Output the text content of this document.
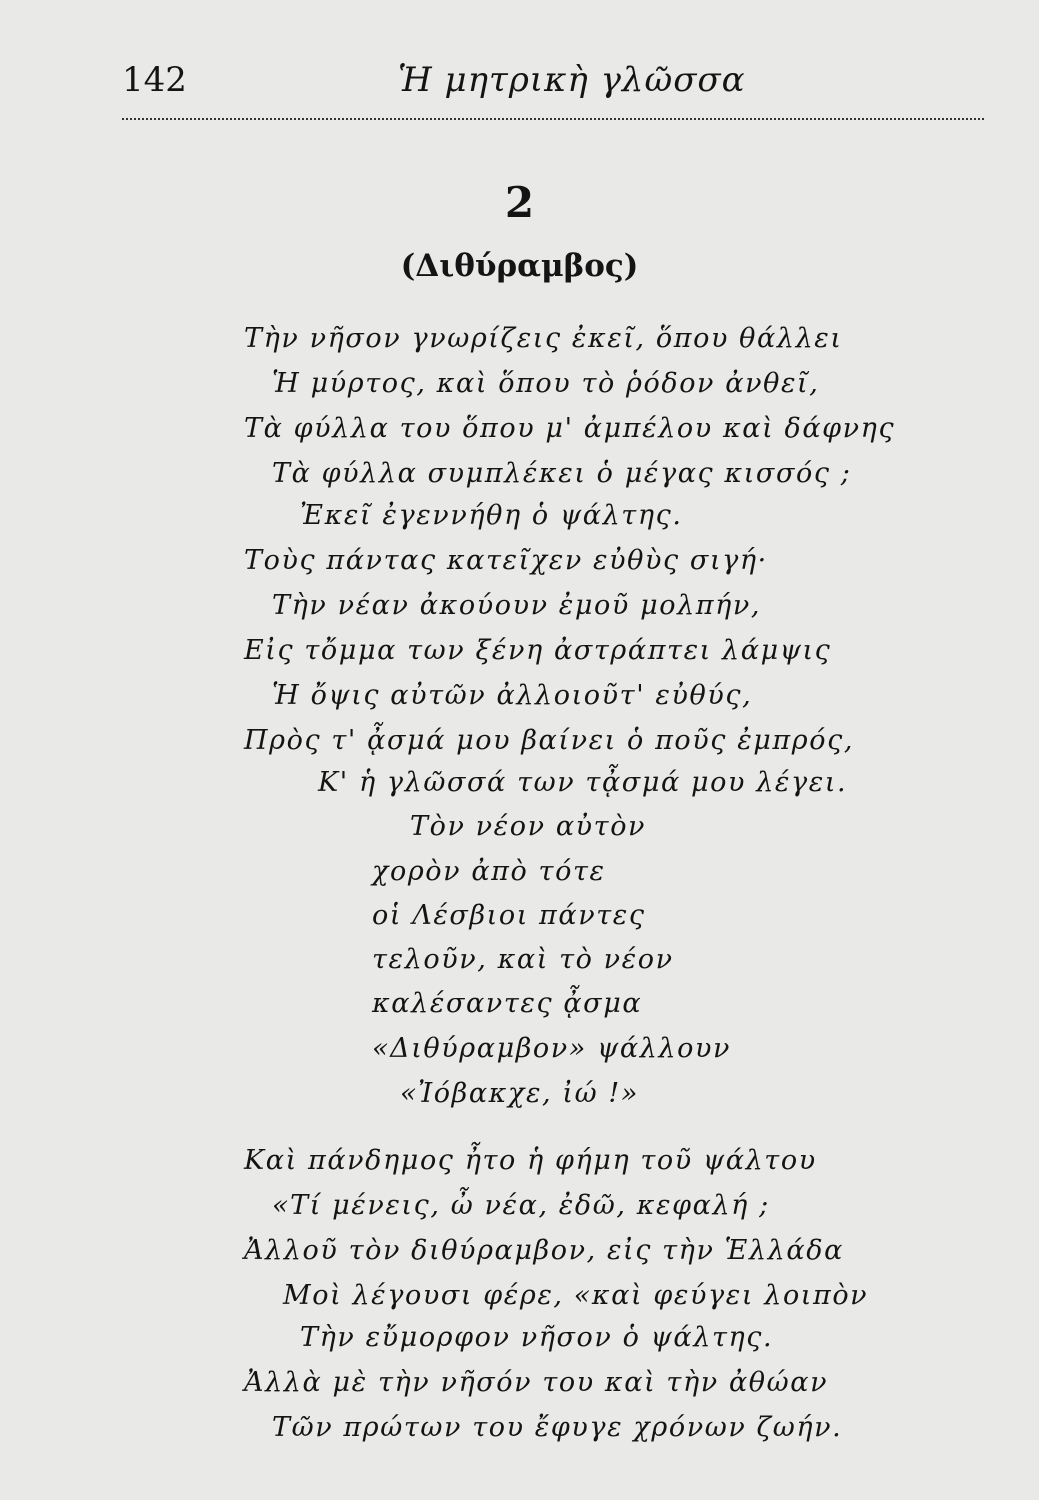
142	Ἡ μητρικὴ γλῶσσα
2
(Διθύραμβος)
Τὴν νῆσον γνωρίζεις ἐκεῖ, ὅπου θάλλει
Ἡ μύρτος, καὶ ὅπου τὸ ῥόδον ἀνθεῖ,
Τὰ φύλλα του ὅπου μ' ἀμπέλου καὶ δάφνης
Τὰ φύλλα συμπλέκει ὁ μέγας κισσός ;
Ἐκεῖ ἐγεννήθη ὁ ψάλτης.
Τοὺς πάντας κατεῖχεν εὐθὺς σιγή·
Τὴν νέαν ἀκούουν ἐμοῦ μολπήν,
Εἰς τὄμμα των ξένη ἀστράπτει λάμψις
Ἡ ὄψις αὐτῶν ἀλλοιοῦτ' εὐθύς,
Πρὸς τ' ᾆσμά μου βαίνει ὁ ποῦς ἐμπρός,
Κ' ἡ γλῶσσά των τᾆσμά μου λέγει.
Τὸν νέον αὐτὸν
χορὸν ἀπὸ τότε
οἱ Λέσβιοι πάντες
τελοῦν, καὶ τὸ νέον
καλέσαντες ᾆσμα
«Διθύραμβον» ψάλλουν
«Ἰόβακχε, ἰώ !»
Καὶ πάνδημος ἦτο ἡ φήμη τοῦ ψάλτου
«Τί μένεις, ὦ νέα, ἐδῶ, κεφαλή ;
Ἀλλοῦ τὸν διθύραμβον, εἰς τὴν Ἑλλάδα
Μοὶ λέγουσι φέρε, «καὶ φεύγει λοιπὸν
Τὴν εὔμορφον νῆσον ὁ ψάλτης.
Ἀλλὰ μὲ τὴν νῆσόν του καὶ τὴν ἀθώαν
Τῶν πρώτων του ἔφυγε χρόνων ζωήν.
